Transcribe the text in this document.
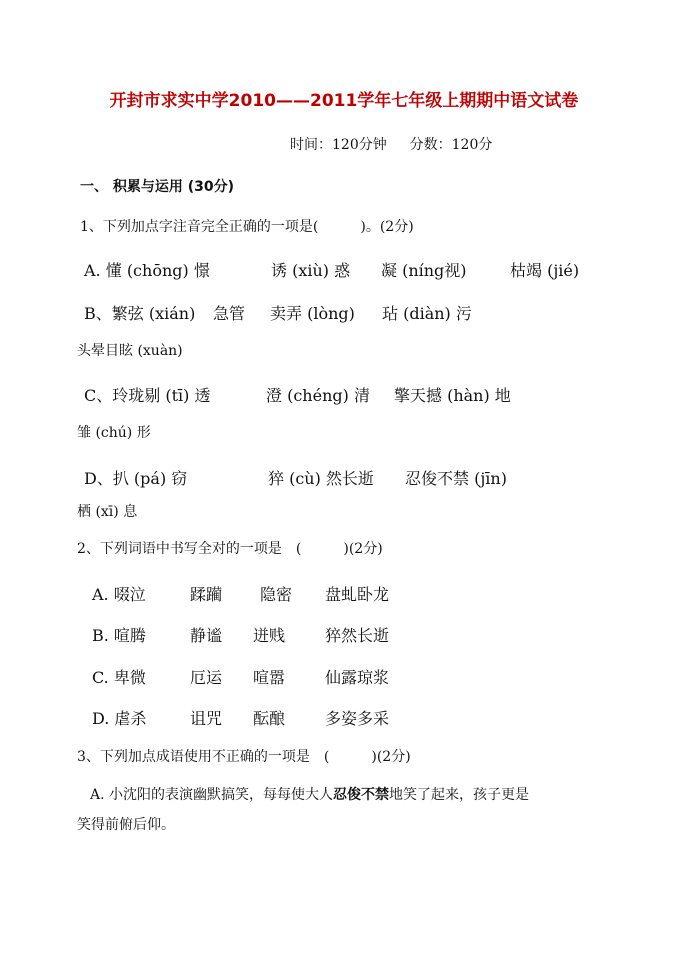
开封市求实中学2010——2011学年七年级上期期中语文试卷
时间：120分钟 分数：120分
一、 积累与运用 (30分)
1、下列加点字注音完全正确的一项是(　　　)。(2分)
A. 懂 (chōng) 憬	诱 (xiù) 惑 凝 (níng视)	枯竭 (jié)
B、繁弦 (xián) 急管 卖弄 (lòng) 玷 (diàn) 污
头晕目眩 (xuàn)
C、玲珑剔 (tī) 透	澄 (chéng) 清 擎天撼 (hàn) 地
雏 (chú) 形
D、扒 (pá) 窃	猝 (cù) 然长逝 忍俊不禁 (jīn)
栖 (xī) 息
2、下列词语中书写全对的一项是　(　　　)(2分)
A. 啜泣	蹂躏 隐密 盘虬卧龙
B. 喧腾	静谧 迸贱 猝然长逝
C. 卑微	厄运 喧嚣 仙露琼浆
D. 虐杀	诅咒 酝酿 多姿多采
3、下列加点成语使用不正确的一项是　(　　　)(2分)
A. 小沈阳的表演幽默搞笑，每每使大人忍俊不禁地笑了起来，孩子更是
笑得前俯后仰。
